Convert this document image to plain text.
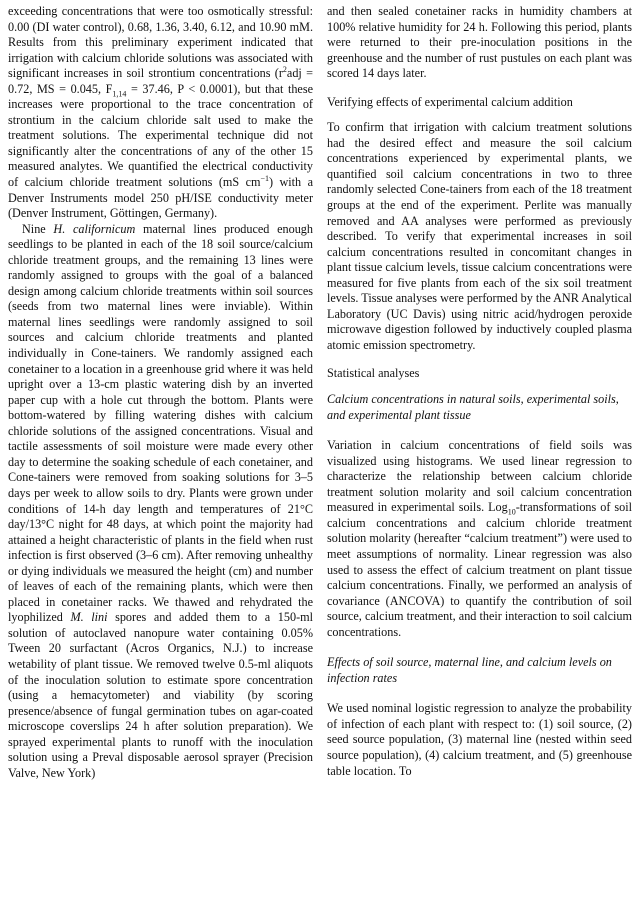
exceeding concentrations that were too osmotically stressful: 0.00 (DI water control), 0.68, 1.36, 3.40, 6.12, and 10.90 mM. Results from this preliminary experiment indicated that irrigation with calcium chloride solutions was associated with significant increases in soil strontium concentrations ($r^2adj = 0.72$, MS = 0.045, $F_{1,14} = 37.46$, P < 0.0001), but that these increases were proportional to the trace concentration of strontium in the calcium chloride salt used to make the treatment solutions. The experimental technique did not significantly alter the concentrations of any of the other 15 measured analytes. We quantified the electrical conductivity of calcium chloride treatment solutions (mS $cm^{-1}$) with a Denver Instruments model 250 pH/ISE conductivity meter (Denver Instrument, Göttingen, Germany).

Nine H. californicum maternal lines produced enough seedlings to be planted in each of the 18 soil source/calcium chloride treatment groups, and the remaining 13 lines were randomly assigned to groups with the goal of a balanced design among calcium chloride treatments within soil sources (seeds from two maternal lines were inviable). Within maternal lines seedlings were randomly assigned to soil sources and calcium chloride treatments and planted individually in Cone-tainers. We randomly assigned each conetainer to a location in a greenhouse grid where it was held upright over a 13-cm plastic watering dish by an inverted paper cup with a hole cut through the bottom. Plants were bottom-watered by filling watering dishes with calcium chloride solutions of the assigned concentrations. Visual and tactile assessments of soil moisture were made every other day to determine the soaking schedule of each conetainer, and Cone-tainers were removed from soaking solutions for 3–5 days per week to allow soils to dry. Plants were grown under conditions of 14-h day length and temperatures of 21°C day/13°C night for 48 days, at which point the majority had attained a height characteristic of plants in the field when rust infection is first observed (3–6 cm). After removing unhealthy or dying individuals we measured the height (cm) and number of leaves of each of the remaining plants, which were then placed in conetainer racks. We thawed and rehydrated the lyophilized M. lini spores and added them to a 150-ml solution of autoclaved nanopure water containing 0.05% Tween 20 surfactant (Acros Organics, N.J.) to increase wetability of plant tissue. We removed twelve 0.5-ml aliquots of the inoculation solution to estimate spore concentration (using a hemacytometer) and viability (by scoring presence/absence of fungal germination tubes on agar-coated microscope coverslips 24 h after solution preparation). We sprayed experimental plants to runoff with the inoculation solution using a Preval disposable aerosol sprayer (Precision Valve, New York)

and then sealed conetainer racks in humidity chambers at 100% relative humidity for 24 h. Following this period, plants were returned to their pre-inoculation positions in the greenhouse and the number of rust pustules on each plant was scored 14 days later.

Verifying effects of experimental calcium addition

To confirm that irrigation with calcium treatment solutions had the desired effect and measure the soil calcium concentrations experienced by experimental plants, we quantified soil calcium concentrations in two to three randomly selected Cone-tainers from each of the 18 treatment groups at the end of the experiment. Perlite was manually removed and AA analyses were performed as previously described. To verify that experimental increases in soil calcium concentrations resulted in concomitant changes in plant tissue calcium levels, tissue calcium concentrations were measured for five plants from each of the six soil treatment levels. Tissue analyses were performed by the ANR Analytical Laboratory (UC Davis) using nitric acid/hydrogen peroxide microwave digestion followed by inductively coupled plasma atomic emission spectrometry.

Statistical analyses

Calcium concentrations in natural soils, experimental soils, and experimental plant tissue

Variation in calcium concentrations of field soils was visualized using histograms. We used linear regression to characterize the relationship between calcium chloride treatment solution molarity and soil calcium concentration measured in experimental soils. Log$_{10}$-transformations of soil calcium concentrations and calcium chloride treatment solution molarity (hereafter “calcium treatment”) were used to meet assumptions of normality. Linear regression was also used to assess the effect of calcium treatment on plant tissue calcium concentrations. Finally, we performed an analysis of covariance (ANCOVA) to quantify the contribution of soil source, calcium treatment, and their interaction to soil calcium concentrations.

Effects of soil source, maternal line, and calcium levels on infection rates

We used nominal logistic regression to analyze the probability of infection of each plant with respect to: (1) soil source, (2) seed source population, (3) maternal line (nested within seed source population), (4) calcium treatment, and (5) greenhouse table location. To
